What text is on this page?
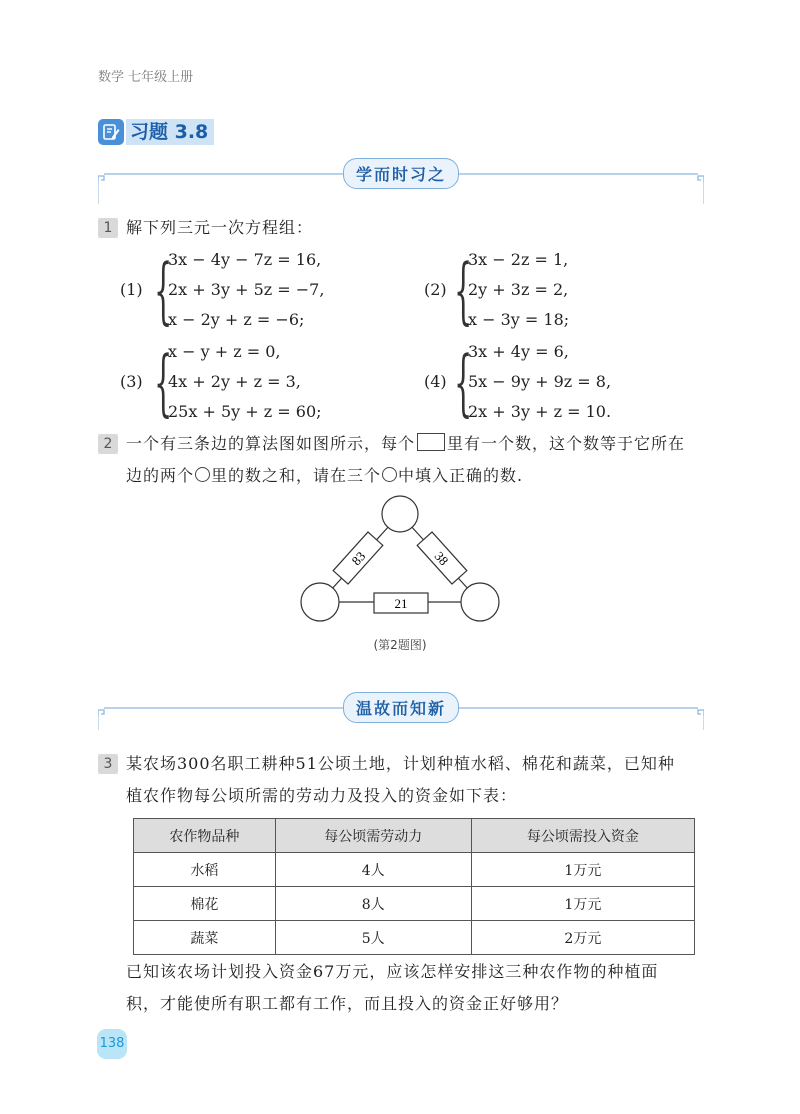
数学 七年级上册
习题 3.8
学而时习之
1 解下列三元一次方程组：
(1) {
3x − 4y − 7z = 16,
2x + 3y + 5z = −7,
x − 2y + z = −6;
(2) {
3x − 2z = 1,
2y + 3z = 2,
x − 3y = 18;
(3) {
x − y + z = 0,
4x + 2y + z = 3,
25x + 5y + z = 60;
(4) {
3x + 4y = 6,
5x − 9y + 9z = 8,
2x + 3y + z = 10.
2 一个有三条边的算法图如图所示，每个 里有一个数，这个数等于它所在
边的两个 里的数之和，请在三个 中填入正确的数.
83	38
21
(第2题图)
温故而知新
3 某农场300名职工耕种51公顷土地，计划种植水稻、棉花和蔬菜，已知种
植农作物每公顷所需的劳动力及投入的资金如下表：
农作物品种	每公顷需劳动力	每公顷需投入资金
水稻	4人	1万元
棉花	8人	1万元
蔬菜	5人	2万元
已知该农场计划投入资金67万元，应该怎样安排这三种农作物的种植面
积，才能使所有职工都有工作，而且投入的资金正好够用？
138
